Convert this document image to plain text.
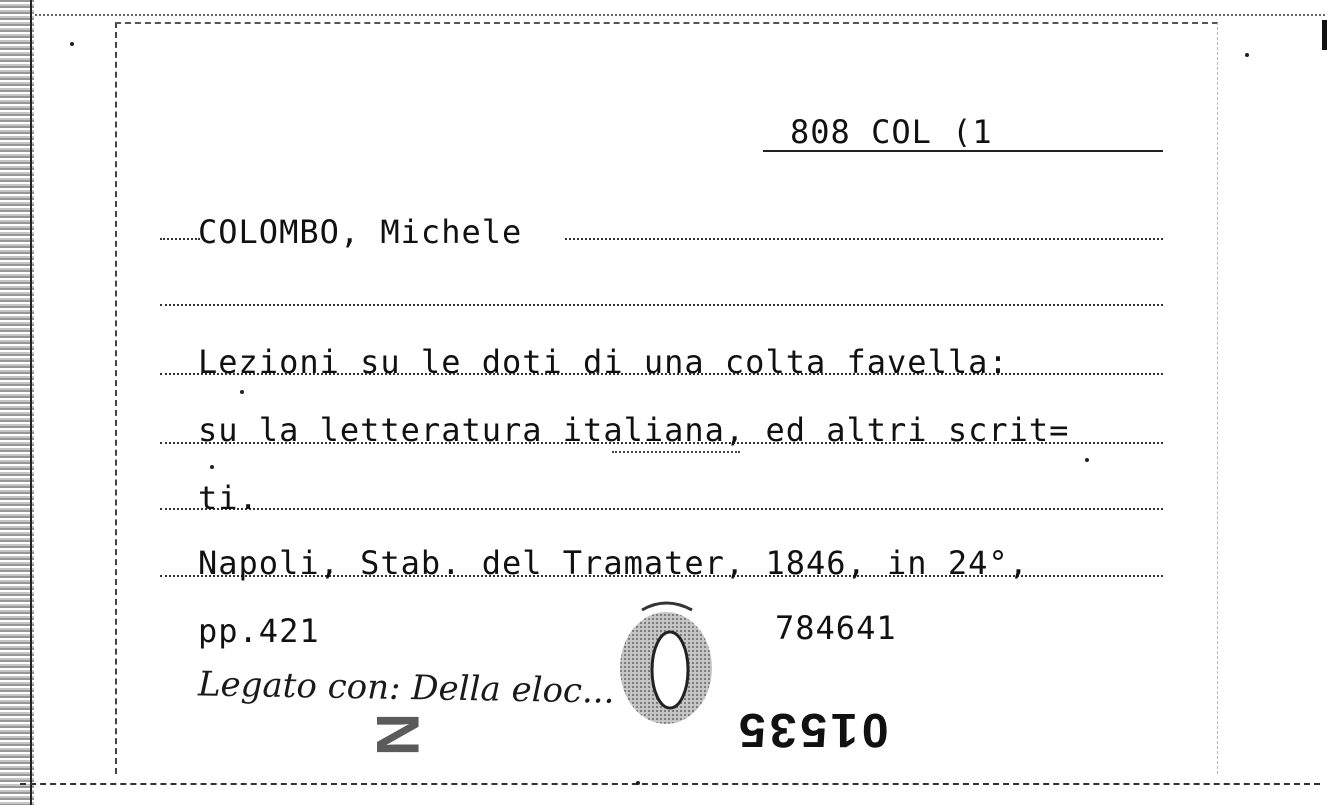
808 COL (1
COLOMBO, Michele
Lezioni su le doti di una colta favella:
su la letteratura italiana, ed altri scrit=
ti.
Napoli, Stab. del Tramater, 1846, in 24°,
pp.421	784641
Legato con: Della eloc...
N	01535
